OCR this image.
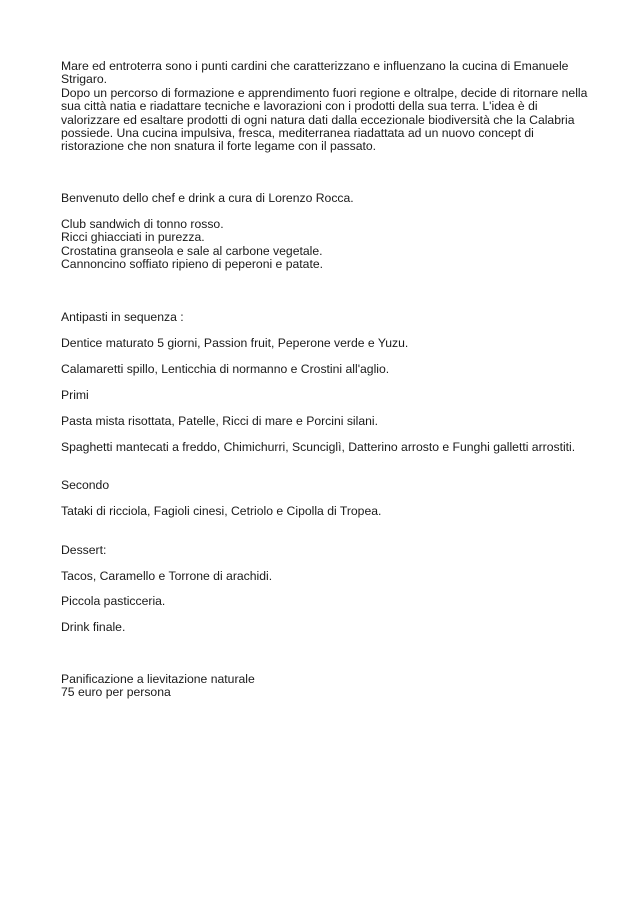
Mare ed entroterra sono i punti cardini che caratterizzano e influenzano la cucina di Emanuele
Strigaro.
Dopo un percorso di formazione e apprendimento fuori regione e oltralpe, decide di ritornare nella
sua città natia e riadattare tecniche e lavorazioni con i prodotti della sua terra. L'idea è di
valorizzare ed esaltare prodotti di ogni natura dati dalla eccezionale biodiversità che la Calabria
possiede. Una cucina impulsiva, fresca, mediterranea riadattata ad un nuovo concept di
ristorazione che non snatura il forte legame con il passato.
Benvenuto dello chef e drink a cura di Lorenzo Rocca.
Club sandwich di tonno rosso.
Ricci ghiacciati in purezza.
Crostatina granseola e sale al carbone vegetale.
Cannoncino soffiato ripieno di peperoni e patate.
Antipasti in sequenza :
Dentice maturato 5 giorni, Passion fruit, Peperone verde e Yuzu.
Calamaretti spillo, Lenticchia di normanno e Crostini all'aglio.
Primi
Pasta mista risottata, Patelle, Ricci di mare e Porcini silani.
Spaghetti mantecati a freddo, Chimichurri, Scunciglì, Datterino arrosto e Funghi galletti arrostiti.
Secondo
Tataki di ricciola, Fagioli cinesi, Cetriolo e Cipolla di Tropea.
Dessert:
Tacos, Caramello e Torrone di arachidi.
Piccola pasticceria.
Drink finale.
Panificazione a lievitazione naturale
75 euro per persona
